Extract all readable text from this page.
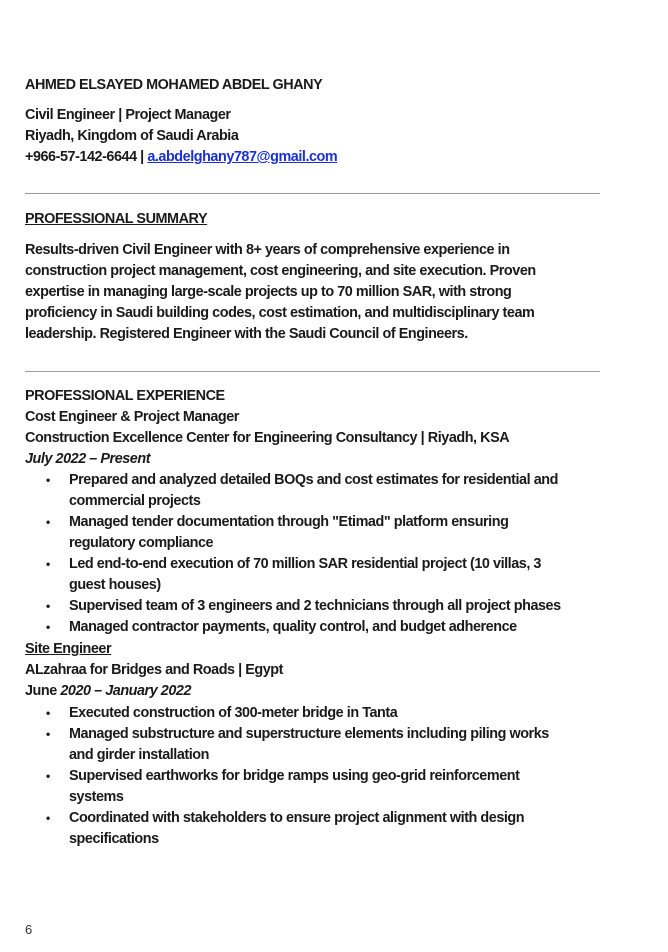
AHMED ELSAYED MOHAMED ABDEL GHANY
Civil Engineer | Project Manager
Riyadh, Kingdom of Saudi Arabia
+966-57-142-6644 | a.abdelghany787@gmail.com
PROFESSIONAL SUMMARY
Results-driven Civil Engineer with 8+ years of comprehensive experience in
construction project management, cost engineering, and site execution. Proven
expertise in managing large-scale projects up to 70 million SAR, with strong
proficiency in Saudi building codes, cost estimation, and multidisciplinary team
leadership. Registered Engineer with the Saudi Council of Engineers.
PROFESSIONAL EXPERIENCE
Cost Engineer & Project Manager
Construction Excellence Center for Engineering Consultancy | Riyadh, KSA
July 2022 – Present
• Prepared and analyzed detailed BOQs and cost estimates for residential and
commercial projects
• Managed tender documentation through "Etimad" platform ensuring
regulatory compliance
• Led end-to-end execution of 70 million SAR residential project (10 villas, 3
guest houses)
• Supervised team of 3 engineers and 2 technicians through all project phases
• Managed contractor payments, quality control, and budget adherence
Site Engineer
ALzahraa for Bridges and Roads | Egypt
June 2020 – January 2022
• Executed construction of 300-meter bridge in Tanta
• Managed substructure and superstructure elements including piling works
and girder installation
• Supervised earthworks for bridge ramps using geo-grid reinforcement
systems
• Coordinated with stakeholders to ensure project alignment with design
specifications
6
